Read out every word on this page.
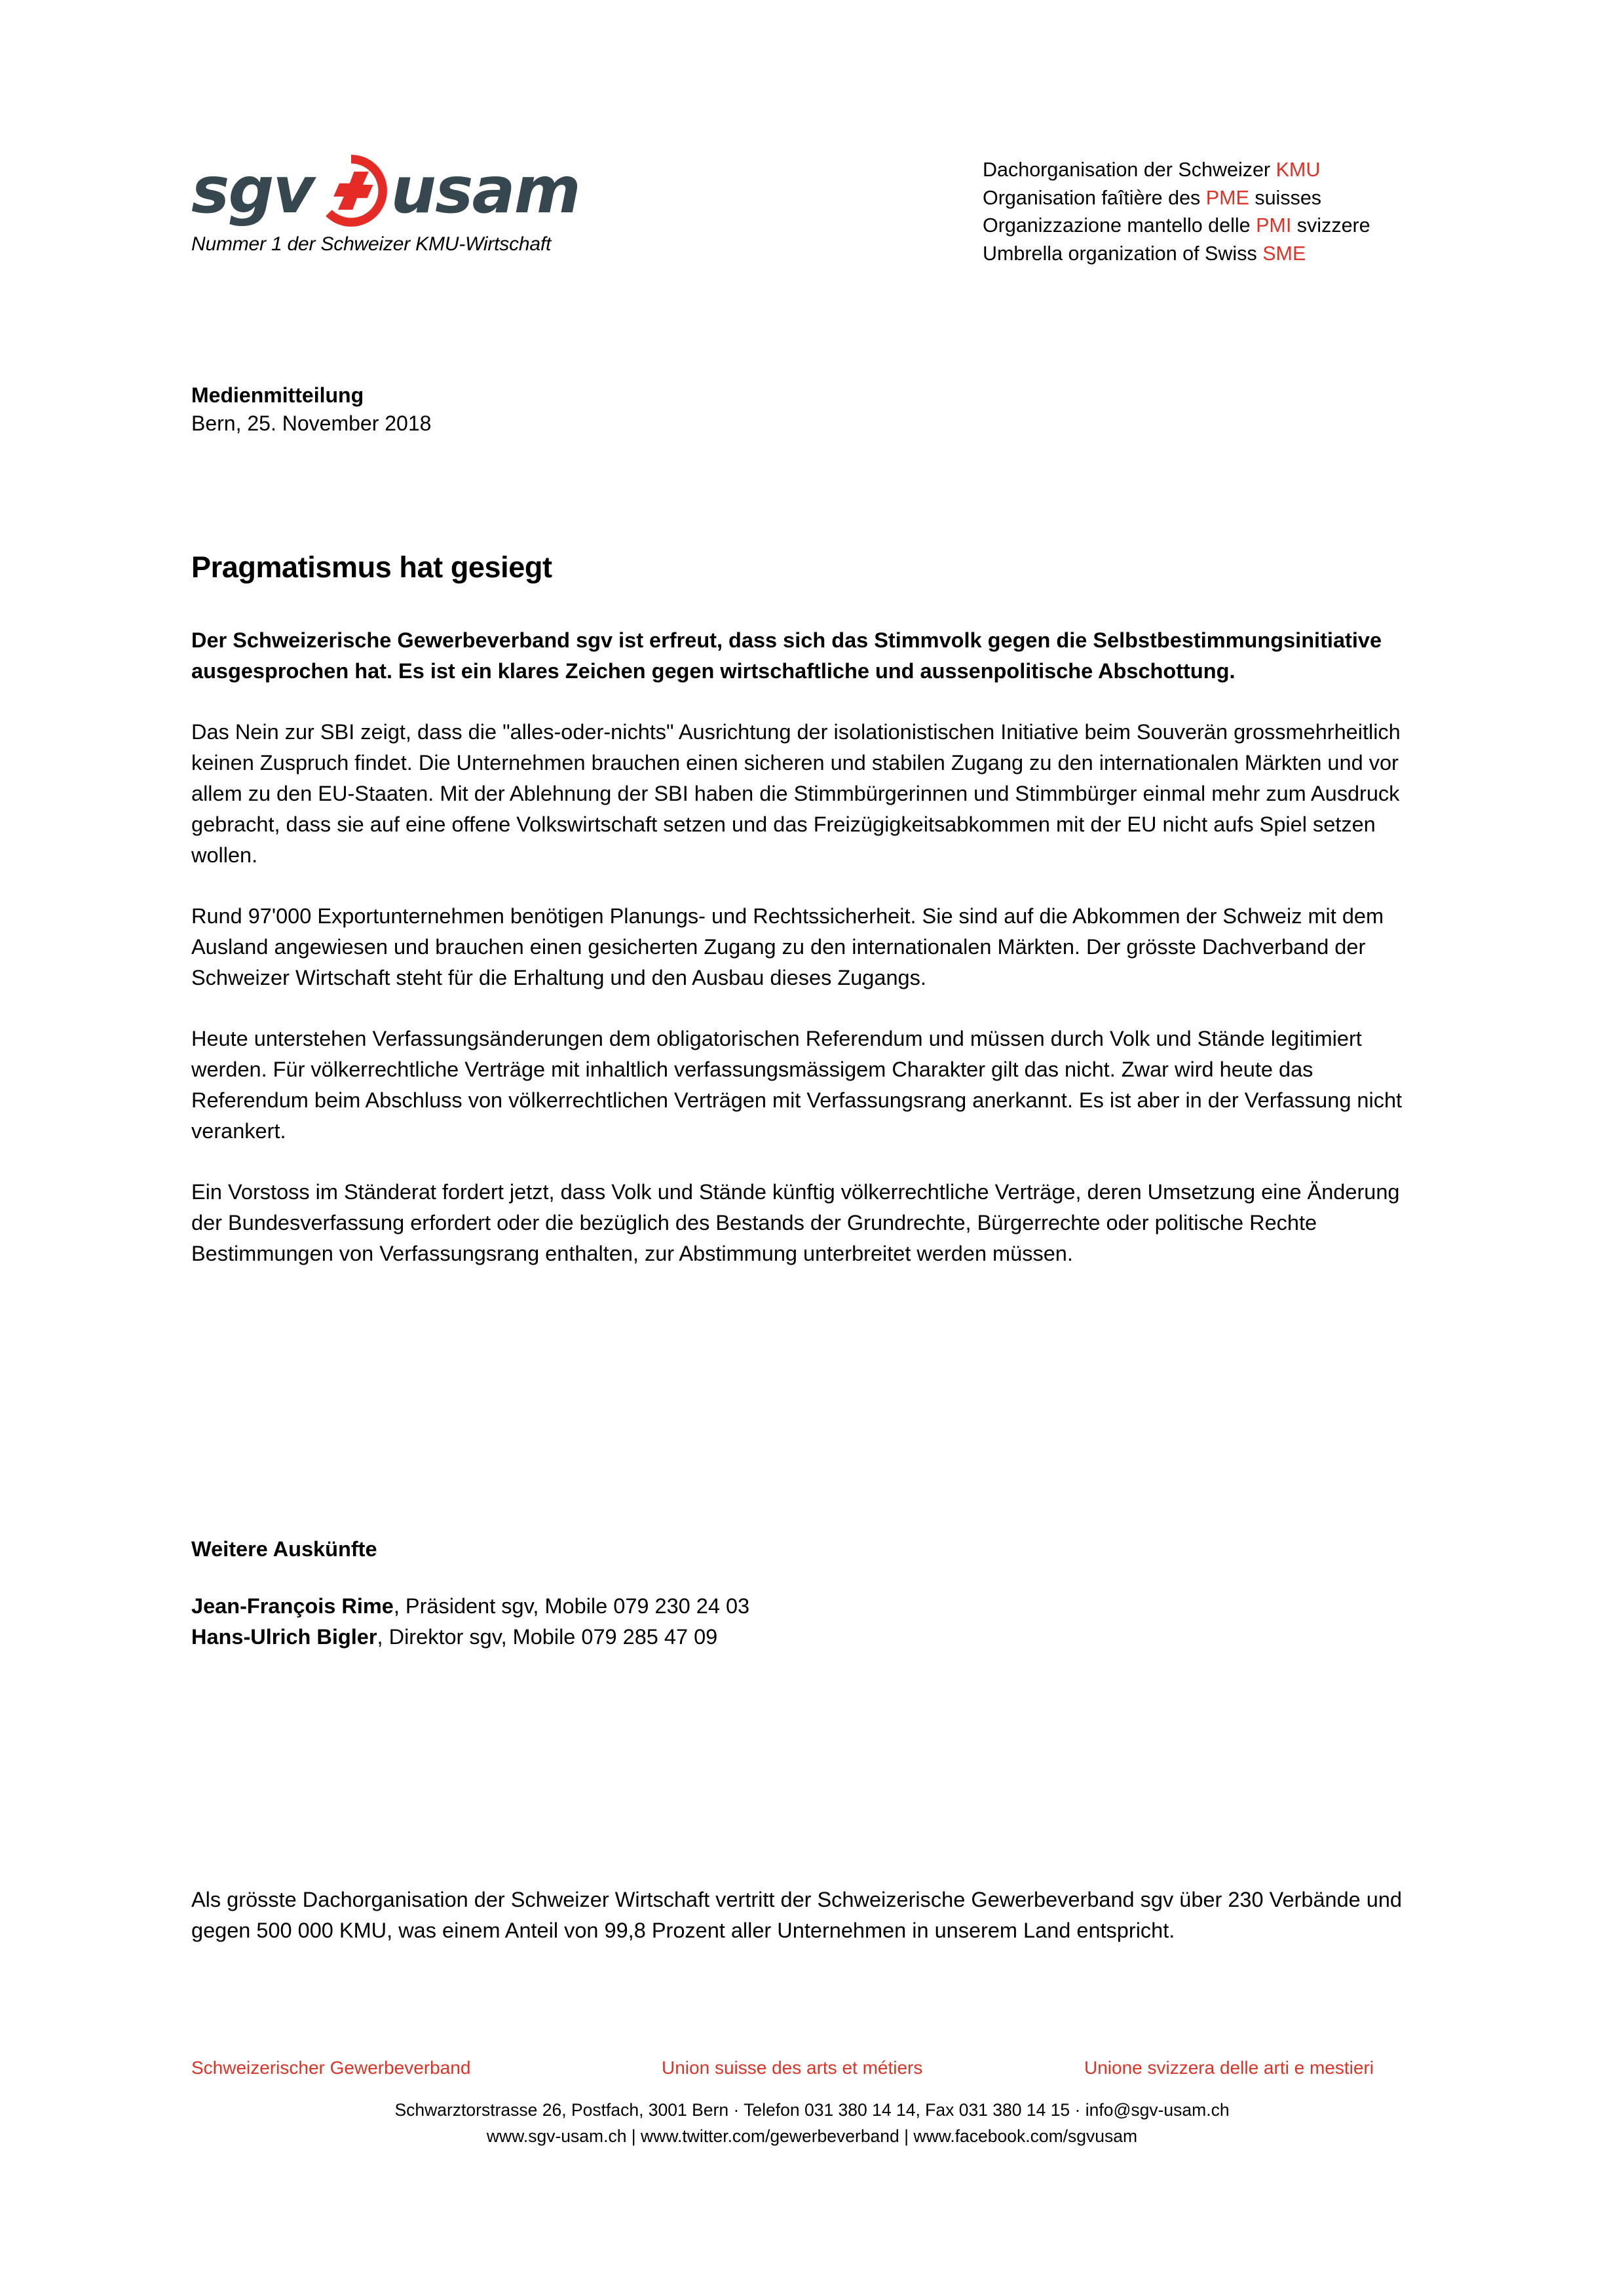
sgv usam
Nummer 1 der Schweizer KMU-Wirtschaft
Dachorganisation der Schweizer KMU
Organisation faîtière des PME suisses
Organizzazione mantello delle PMI svizzere
Umbrella organization of Swiss SME
Medienmitteilung
Bern, 25. November 2018
Pragmatismus hat gesiegt

Der Schweizerische Gewerbeverband sgv ist erfreut, dass sich das Stimmvolk gegen die Selbstbestimmungsinitiative ausgesprochen hat. Es ist ein klares Zeichen gegen wirtschaftliche und aussenpolitische Abschottung.

Das Nein zur SBI zeigt, dass die "alles-oder-nichts" Ausrichtung der isolationistischen Initiative beim Souverän grossmehrheitlich keinen Zuspruch findet. Die Unternehmen brauchen einen sicheren und stabilen Zugang zu den internationalen Märkten und vor allem zu den EU-Staaten. Mit der Ablehnung der SBI haben die Stimmbürgerinnen und Stimmbürger einmal mehr zum Ausdruck gebracht, dass sie auf eine offene Volkswirtschaft setzen und das Freizügigkeitsabkommen mit der EU nicht aufs Spiel setzen wollen.

Rund 97'000 Exportunternehmen benötigen Planungs- und Rechtssicherheit. Sie sind auf die Abkommen der Schweiz mit dem Ausland angewiesen und brauchen einen gesicherten Zugang zu den internationalen Märkten. Der grösste Dachverband der Schweizer Wirtschaft steht für die Erhaltung und den Ausbau dieses Zugangs.

Heute unterstehen Verfassungsänderungen dem obligatorischen Referendum und müssen durch Volk und Stände legitimiert werden. Für völkerrechtliche Verträge mit inhaltlich verfassungsmässigem Charakter gilt das nicht. Zwar wird heute das Referendum beim Abschluss von völkerrechtlichen Verträgen mit Verfassungsrang anerkannt. Es ist aber in der Verfassung nicht verankert.

Ein Vorstoss im Ständerat fordert jetzt, dass Volk und Stände künftig völkerrechtliche Verträge, deren Umsetzung eine Änderung der Bundesverfassung erfordert oder die bezüglich des Bestands der Grundrechte, Bürgerrechte oder politische Rechte Bestimmungen von Verfassungsrang enthalten, zur Abstimmung unterbreitet werden müssen.

Weitere Auskünfte
Jean-François Rime, Präsident sgv, Mobile 079 230 24 03
Hans-Ulrich Bigler, Direktor sgv, Mobile 079 285 47 09
Als grösste Dachorganisation der Schweizer Wirtschaft vertritt der Schweizerische Gewerbeverband sgv über 230 Verbände und gegen 500 000 KMU, was einem Anteil von 99,8 Prozent aller Unternehmen in unserem Land entspricht.
Schweizerischer Gewerbeverband	Union suisse des arts et métiers	Unione svizzera delle arti e mestieri
Schwarztorstrasse 26, Postfach, 3001 Bern · Telefon 031 380 14 14, Fax 031 380 14 15 · info@sgv-usam.ch
www.sgv-usam.ch | www.twitter.com/gewerbeverband | www.facebook.com/sgvusam
